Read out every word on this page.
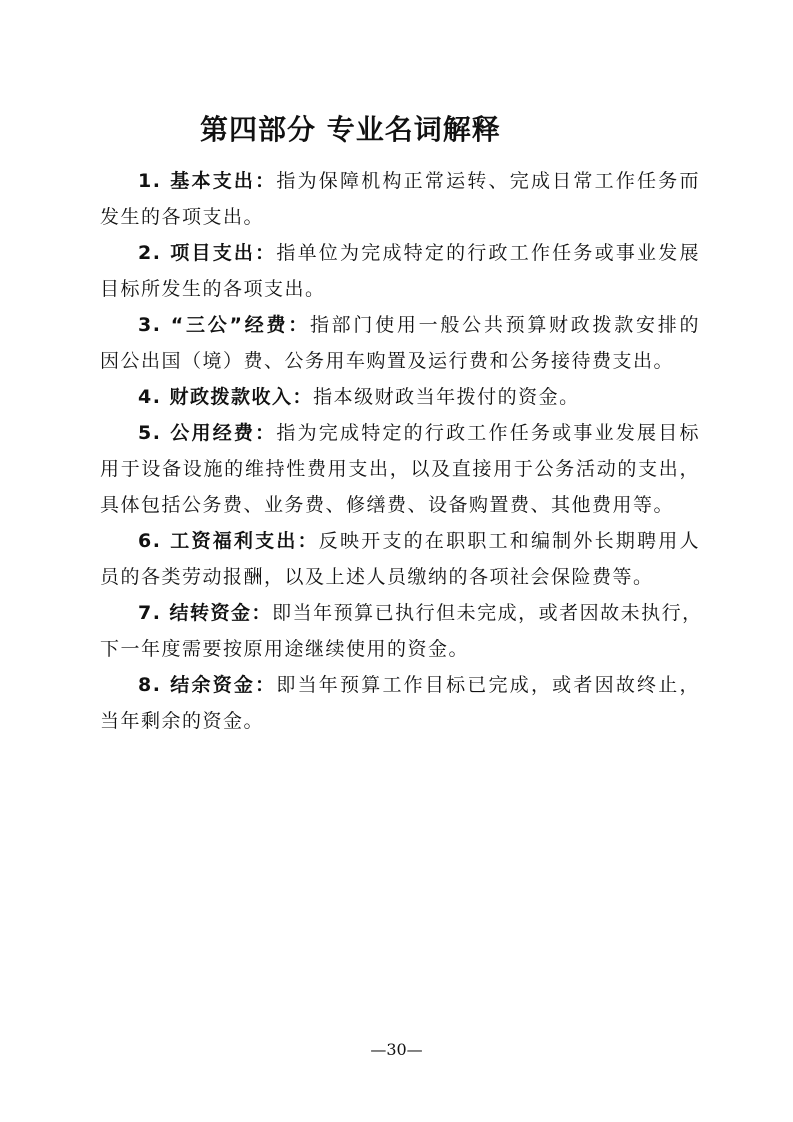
第四部分 专业名词解释

1. 基本支出：指为保障机构正常运转、完成日常工作任务而
发生的各项支出。

2. 项目支出：指单位为完成特定的行政工作任务或事业发展
目标所发生的各项支出。

3. “三公”经费：指部门使用一般公共预算财政拨款安排的
因公出国（境）费、公务用车购置及运行费和公务接待费支出。

4. 财政拨款收入：指本级财政当年拨付的资金。

5. 公用经费：指为完成特定的行政工作任务或事业发展目标
用于设备设施的维持性费用支出，以及直接用于公务活动的支出，
具体包括公务费、业务费、修缮费、设备购置费、其他费用等。

6. 工资福利支出：反映开支的在职职工和编制外长期聘用人
员的各类劳动报酬，以及上述人员缴纳的各项社会保险费等。

7. 结转资金：即当年预算已执行但未完成，或者因故未执行，
下一年度需要按原用途继续使用的资金。

8. 结余资金：即当年预算工作目标已完成，或者因故终止，
当年剩余的资金。

—30—
